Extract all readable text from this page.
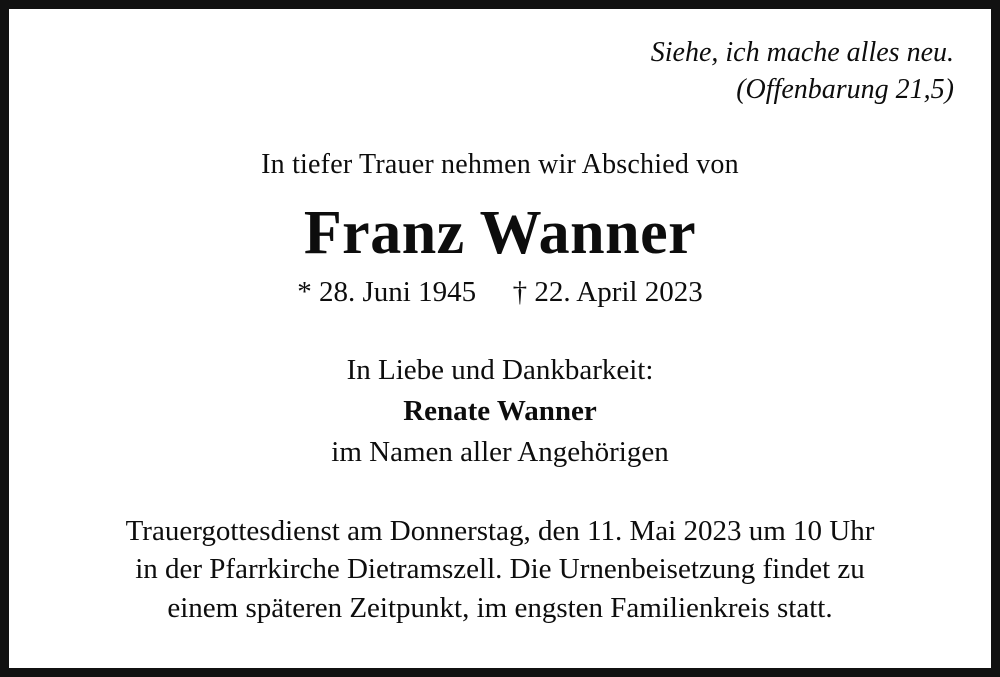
Siehe, ich mache alles neu.
(Offenbarung 21,5)
In tiefer Trauer nehmen wir Abschied von
Franz Wanner
* 28. Juni 1945 † 22. April 2023
In Liebe und Dankbarkeit:
Renate Wanner
im Namen aller Angehörigen
Trauergottesdienst am Donnerstag, den 11. Mai 2023 um 10 Uhr
in der Pfarrkirche Dietramszell. Die Urnenbeisetzung findet zu
einem späteren Zeitpunkt, im engsten Familienkreis statt.
